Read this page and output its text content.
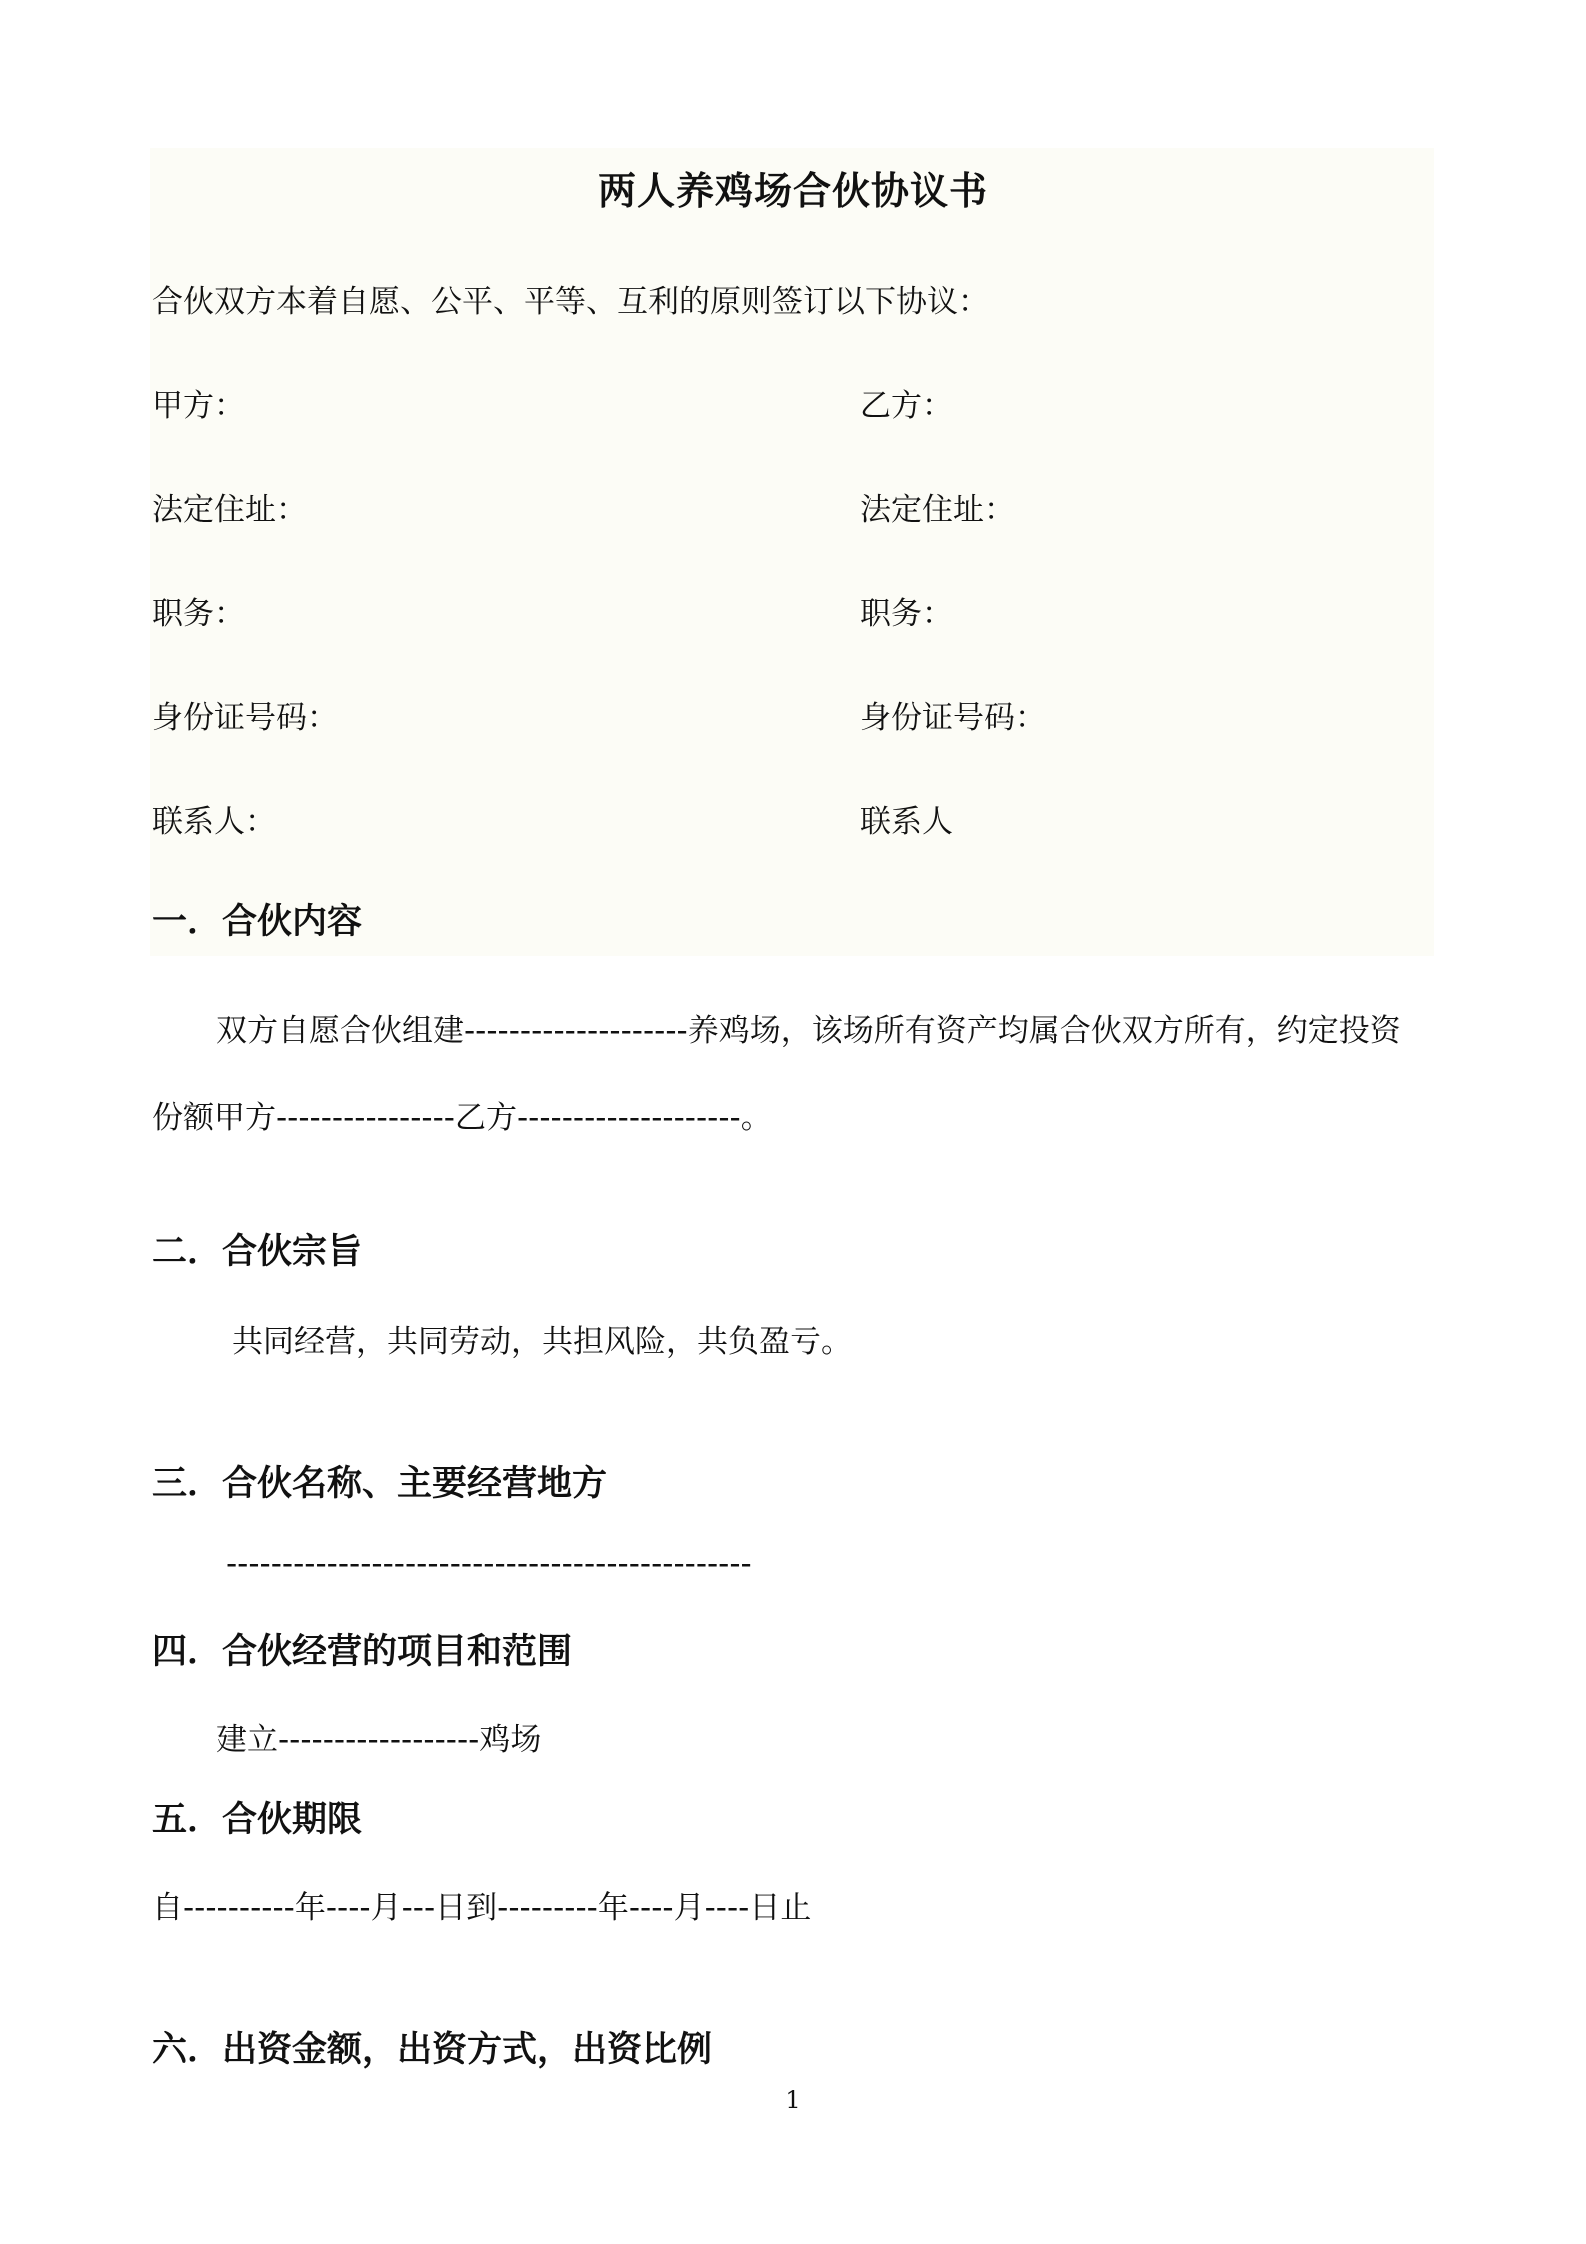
两人养鸡场合伙协议书
合伙双方本着自愿、公平、平等、互利的原则签订以下协议：
甲方：
法定住址：
职务：
身份证号码：
联系人：
乙方：
法定住址：
职务：
身份证号码：
联系人
一．合伙内容
双方自愿合伙组建--------------------养鸡场，该场所有资产均属合伙双方所有，约定投资
份额甲方----------------乙方--------------------。
二．合伙宗旨
共同经营，共同劳动，共担风险，共负盈亏。
三．合伙名称、主要经营地方
-----------------------------------------------
四．合伙经营的项目和范围
建立------------------鸡场
五．合伙期限
自----------年----月---日到---------年----月----日止
六．出资金额，出资方式，出资比例
1
